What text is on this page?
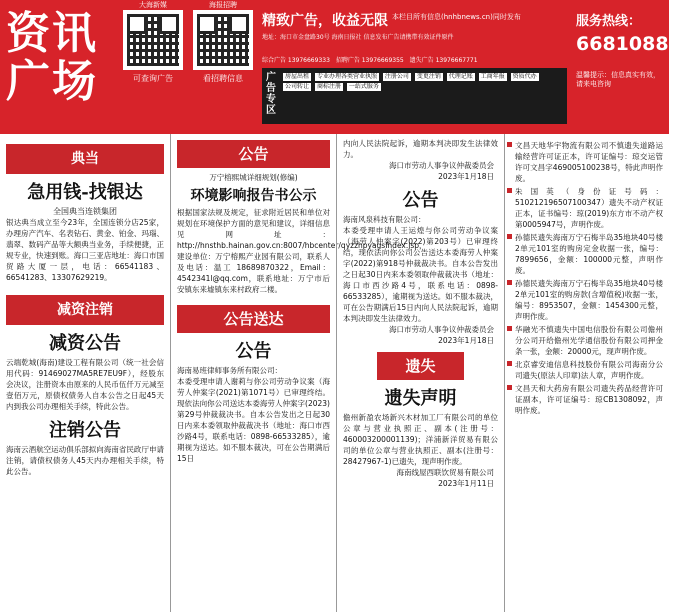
资讯
广场
大海新媒
可查询广告
海报招聘
看招聘信息
精致广告，收益无限 本栏目所有信息(hnhbnews.cn)同时发布
地址：海口市金盘路30号 海南日报社 信息发布广告请携带有效证件原件
综合广告 13976669333 招聘广告 13976669355 遗失广告 13976667771
广告专区
房屋出租 专业办理各类营业执照 注册公司 变更注销 代理记账 工商年报 资质代办 公司转让 商标注册 一站式服务
服务热线：
66810888
温馨提示：信息真实有效，请来电咨询
典当
急用钱-找银达
全国典当连锁集团
银达典当成立至今23年，全国连锁分店25家，办理房产汽车、名表钻石、黄金、铂金、玛瑙、翡翠、数码产品等大额典当业务，手续便捷，正规专业，快速到账。海口三亚店地址：海口市国贸路大厦一层，电话：66541183、66541283、13307629219。
减资注销
减资公告
云端乾城(海南)建设工程有限公司（统一社会信用代码：91469027MA5RE7EU9F），经股东会决议，注册资本由原来的人民币伍仟万元减至壹佰万元，原债权债务人自本公告之日起45天内到我公司办理相关手续，特此公告。
注销公告
海南云酒航空运动俱乐部拟向海南省民政厅申请注销，请债权债务人45天内办理相关手续，特此公告。
公告
万宁榕熙城详细规划(修编)
环境影响报告书公示
根据国家法规及规定，征求附近居民和单位对规划在环境保护方面的意见和建议，详细信息见网址：http://hnsthb.hainan.gov.cn:8007/hbcenter/qyzzhpyagsIndex.jsp，建设单位：万宁榕熙产业园有限公司，联系人及电话：温工 18689870322，Email：4542341l@qq.com，联系地址：万宁市后安镇东来墟镇东来村政府二楼。
公告送达
公告
海南易班律师事务所有限公司：
本委受理申请人谢莉与你公司劳动争议案（海劳人仲案字(2021)第1071号）已审理终结。现依法向你公司送达本委海劳人仲案字(2023)第29号仲裁裁决书。自本公告发出之日起30日内来本委领取仲裁裁决书（地址：海口市西沙路4号，联系电话：0898-66533285），逾期视为送达。如不服本裁决，可在公告期满后15日
内向人民法院起诉，逾期本判决即发生法律效力。
海口市劳动人事争议仲裁委员会
2023年1月18日
公告
海南风泉科技有限公司：
本委受理申请人王运煌与你公司劳动争议案（海劳人仲案字(2022)第203号）已审理终结，现依法向你公司公告送达本委海劳人仲案字(2022)第918号仲裁裁决书。自本公告发出之日起30日内来本委领取仲裁裁决书（地址：海口市西沙路4号，联系电话：0898-66533285），逾期视为送达。如不服本裁决，可在公告期满后15日内向人民法院起诉，逾期本判决即发生法律效力。
海口市劳动人事争议仲裁委员会
2023年1月18日
遗失
遗失声明
儋州新盈农场新兴木材加工厂有限公司的单位公章与营业执照正、副本(注册号：460003200001139)；洋浦新洋贸易有限公司的单位公章与营业执照正、副本(注册号：28427967-1)已遗失，现声明作废。
海南线屋西联饮贸易有限公司
2023年1月11日
文昌天地华宇物流有限公司不慎遗失道路运输经营许可证正本，许可证编号：琼交运管许可文昌字469005100238号，特此声明作废。
朱国英（身份证号码：510212196507100347）遗失不动产权证正本，证书编号：琼(2019)东方市不动产权第0005947号，声明作废。
孙德民遗失海南万宁石梅半岛35地块40号楼2单元101室的购房定金收据一张，编号：7899656，金额：100000元整，声明作废。
孙德民遗失海南万宁石梅半岛35地块40号楼2单元101室的购房款(含增值税)收据一张，编号：8953507，金额：1454300元整，声明作废。
华融光不慎遗失中国电信股份有限公司儋州分公司开给儋州光学通信股份有限公司押金条一张，金额：20000元，现声明作废。
北京睿安迪信息科技股份有限公司海南分公司遗失(原法人印章)法人章，声明作废。
文昌天和大药房有限公司遗失药品经营许可证副本，许可证编号：琼CB1308092，声明作废。
